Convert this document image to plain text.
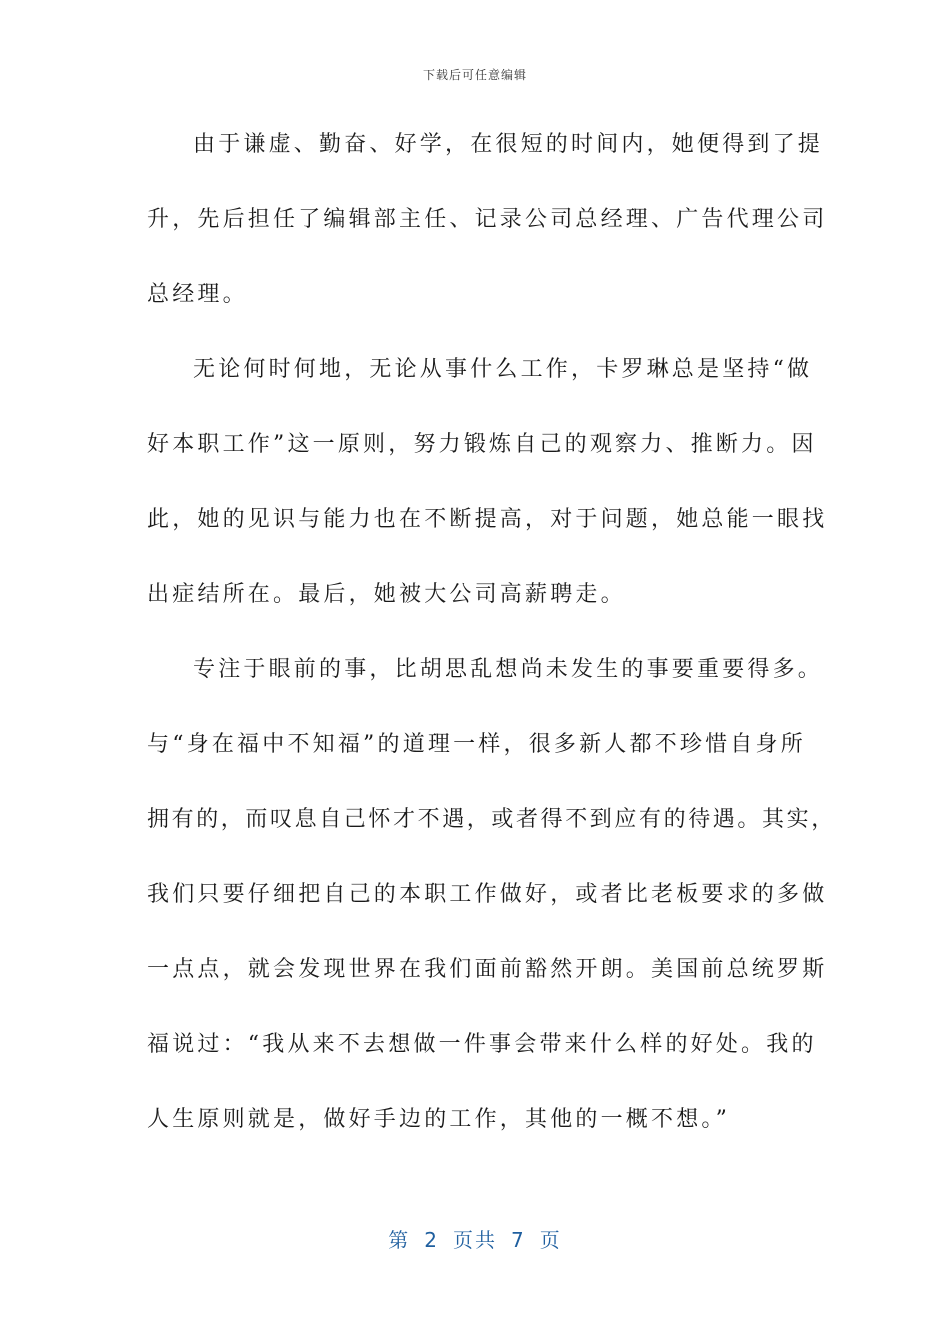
下载后可任意编辑
由于谦虚、勤奋、好学，在很短的时间内，她便得到了提
升，先后担任了编辑部主任、记录公司总经理、广告代理公司
总经理。
无论何时何地，无论从事什么工作，卡罗琳总是坚持“做
好本职工作”这一原则，努力锻炼自己的观察力、推断力。因
此，她的见识与能力也在不断提高，对于问题，她总能一眼找
出症结所在。最后，她被大公司高薪聘走。
专注于眼前的事，比胡思乱想尚未发生的事要重要得多。
与“身在福中不知福”的道理一样，很多新人都不珍惜自身所
拥有的，而叹息自己怀才不遇，或者得不到应有的待遇。其实，
我们只要仔细把自己的本职工作做好，或者比老板要求的多做
一点点，就会发现世界在我们面前豁然开朗。美国前总统罗斯
福说过：“我从来不去想做一件事会带来什么样的好处。我的
人生原则就是，做好手边的工作，其他的一概不想。”
第 2 页共 7 页
